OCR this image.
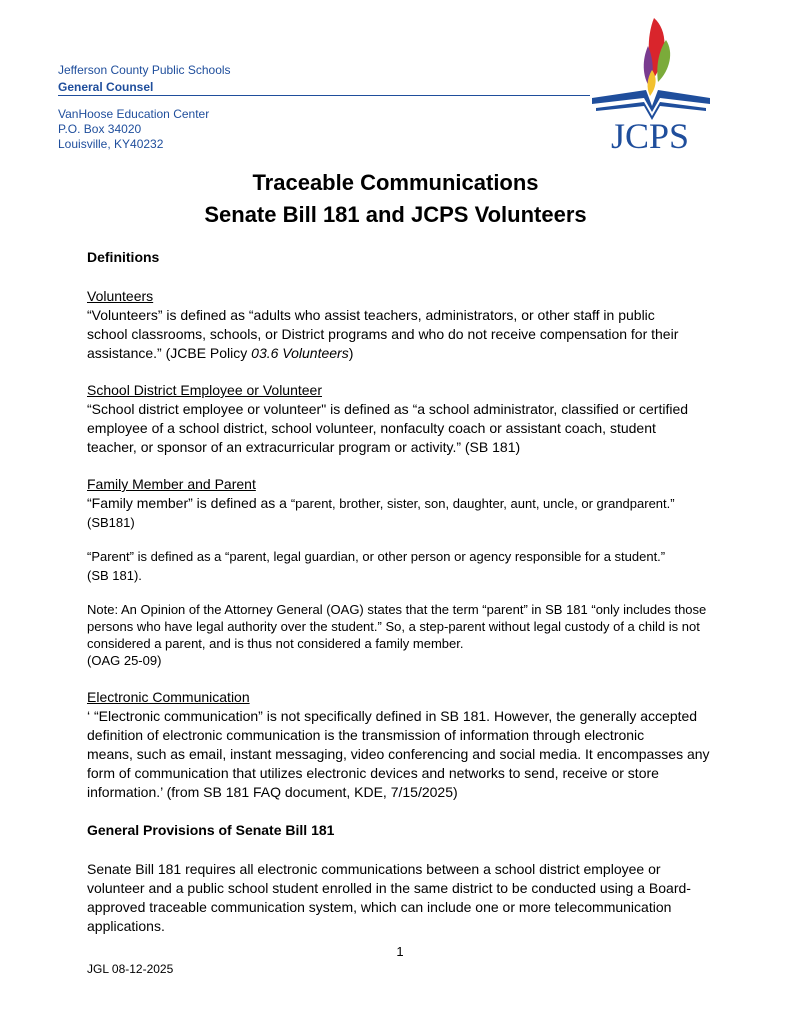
Jefferson County Public Schools
General Counsel
VanHoose Education Center
P.O. Box 34020
Louisville, KY40232	JCPS
Traceable Communications
Senate Bill 181 and JCPS Volunteers
Definitions
Volunteers
“Volunteers” is defined as “adults who assist teachers, administrators, or other staff in public
school classrooms, schools, or District programs and who do not receive compensation for their
assistance.” (JCBE Policy 03.6 Volunteers)
School District Employee or Volunteer
“School district employee or volunteer" is defined as “a school administrator, classified or certified
employee of a school district, school volunteer, nonfaculty coach or assistant coach, student
teacher, or sponsor of an extracurricular program or activity.” (SB 181)
Family Member and Parent
“Family member” is defined as a “parent, brother, sister, son, daughter, aunt, uncle, or grandparent.”
(SB181)
“Parent” is defined as a “parent, legal guardian, or other person or agency responsible for a student.”
(SB 181).
Note: An Opinion of the Attorney General (OAG) states that the term “parent” in SB 181 “only includes those
persons who have legal authority over the student.” So, a step-parent without legal custody of a child is not
considered a parent, and is thus not considered a family member.
(OAG 25-09)
Electronic Communication
‘ “Electronic communication” is not specifically defined in SB 181. However, the generally accepted
definition of electronic communication is the transmission of information through electronic
means, such as email, instant messaging, video conferencing and social media. It encompasses any
form of communication that utilizes electronic devices and networks to send, receive or store
information.’ (from SB 181 FAQ document, KDE, 7/15/2025)
General Provisions of Senate Bill 181
Senate Bill 181 requires all electronic communications between a school district employee or
volunteer and a public school student enrolled in the same district to be conducted using a Board-
approved traceable communication system, which can include one or more telecommunication
applications.
1
JGL 08-12-2025
